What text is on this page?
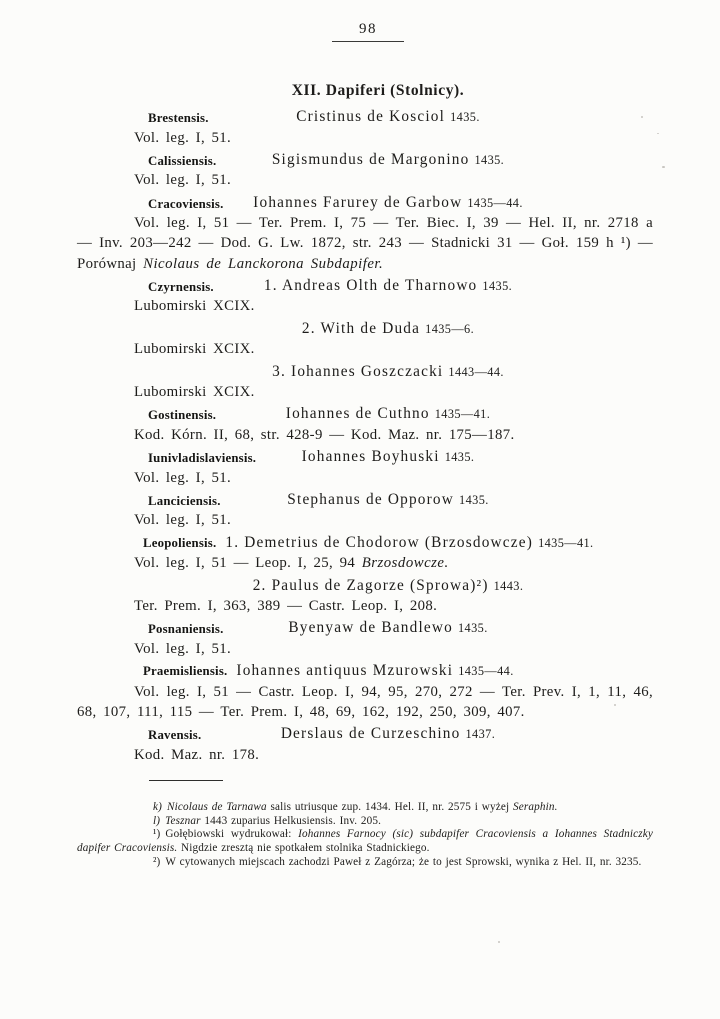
98
XII. Dapiferi (Stolnicy).
Brestensis.	Cristinus de Kosciol 1435.

Vol. leg. I, 51.

Calissiensis.	Sigismundus de Margonino 1435.

Vol. leg. I, 51.

Cracoviensis.	Iohannes Farurey de Garbow 1435—44.

Vol. leg. I, 51 — Ter. Prem. I, 75 — Ter. Biec. I, 39 — Hel. II, nr. 2718 a — Inv. 203—242 — Dod. G. Lw. 1872, str. 243 — Stadnicki 31 — Goł. 159 h ¹) — Porównaj Nicolaus de Lanckorona Subdapifer.

Czyrnensis.	1. Andreas Olth de Tharnowo 1435.

Lubomirski XCIX.

2. With de Duda 1435—6.

Lubomirski XCIX.

3. Iohannes Goszczacki 1443—44.

Lubomirski XCIX.

Gostinensis.	Iohannes de Cuthno 1435—41.

Kod. Kórn. II, 68, str. 428-9 — Kod. Maz. nr. 175—187.

Iunivladislaviensis.	Iohannes Boyhuski 1435.

Vol. leg. I, 51.

Lanciciensis.	Stephanus de Opporow 1435.

Vol. leg. I, 51.

Leopoliensis. 1. Demetrius de Chodorow (Brzosdowcze) 1435—41.

Vol. leg. I, 51 — Leop. I, 25, 94 Brzosdowcze.

2. Paulus de Zagorze (Sprowa)²) 1443.

Ter. Prem. I, 363, 389 — Castr. Leop. I, 208.

Posnaniensis.	Byenyaw de Bandlewo 1435.

Vol. leg. I, 51.

Praemisliensis. Iohannes antiquus Mzurowski 1435—44.

Vol. leg. I, 51 — Castr. Leop. I, 94, 95, 270, 272 — Ter. Prev. I, 1, 11, 46, 68, 107, 111, 115 — Ter. Prem. I, 48, 69, 162, 192, 250, 309, 407.

Ravensis.	Derslaus de Curzeschino 1437.

Kod. Maz. nr. 178.

k) Nicolaus de Tarnawa salis utriusque zup. 1434. Hel. II, nr. 2575 i wyżej Seraphin.

l) Tesznar 1443 zuparius Helkusiensis. Inv. 205.

¹) Gołębiowski wydrukował: Iohannes Farnocy (sic) subdapifer Cracoviensis a Iohannes Stadniczky dapifer Cracoviensis. Nigdzie zresztą nie spotkałem stolnika Stadnickiego.

²) W cytowanych miejscach zachodzi Paweł z Zagórza; że to jest Sprowski, wynika z Hel. II, nr. 3235.
